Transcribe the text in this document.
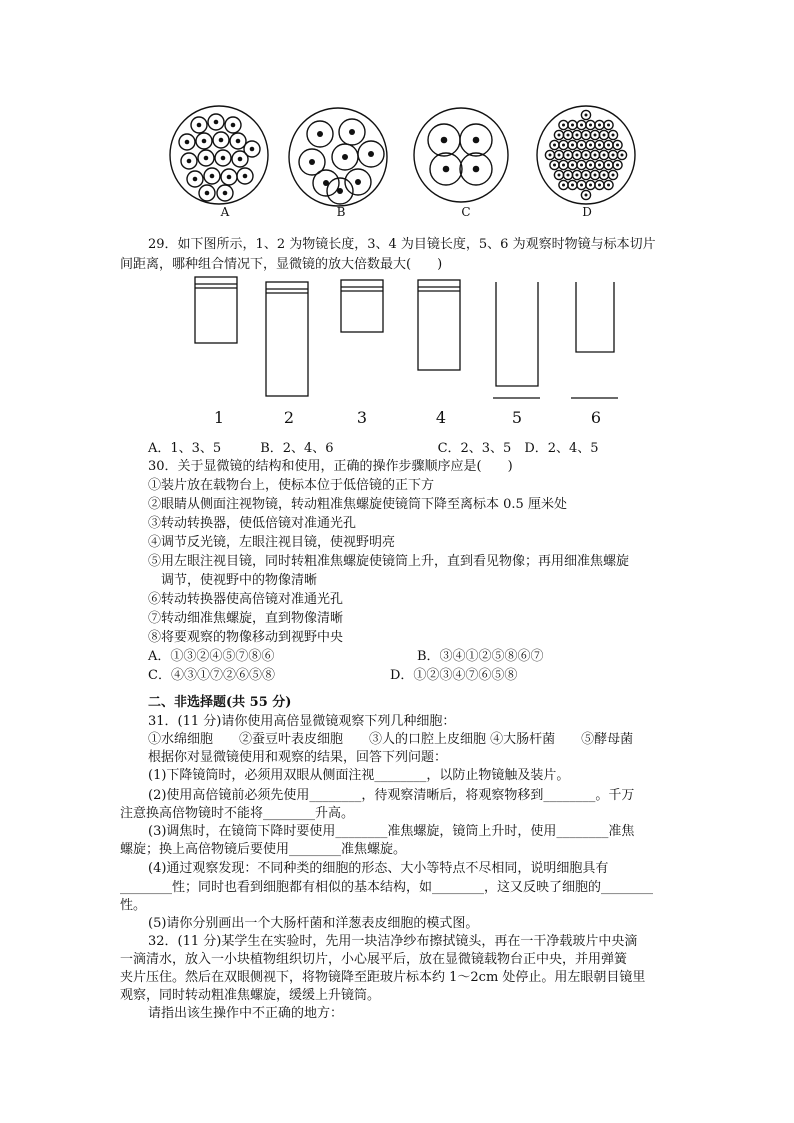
A	B	C	D
29．如下图所示，1、2 为物镜长度，3、4 为目镜长度，5、6 为观察时物镜与标本切片
间距离，哪种组合情况下，显微镜的放大倍数最大(　　)
1	2	3	4	5	6
A．1、3、5　　　B．2、4、6　　　　　　　　C．2、3、5　D．2、4、5
30．关于显微镜的结构和使用，正确的操作步骤顺序应是(　　)
①装片放在载物台上，使标本位于低倍镜的正下方
②眼睛从侧面注视物镜，转动粗准焦螺旋使镜筒下降至离标本 0.5 厘米处
③转动转换器，使低倍镜对准通光孔
④调节反光镜，左眼注视目镜，使视野明亮
⑤用左眼注视目镜，同时转粗准焦螺旋使镜筒上升，直到看见物像；再用细准焦螺旋
调节，使视野中的物像清晰
⑥转动转换器使高倍镜对准通光孔
⑦转动细准焦螺旋，直到物像清晰
⑧将要观察的物像移动到视野中央
A．①③②④⑤⑦⑧⑥	B．③④①②⑤⑧⑥⑦
C．④③①⑦②⑥⑤⑧	D．①②③④⑦⑥⑤⑧
二、非选择题(共 55 分)
31．(11 分)请你使用高倍显微镜观察下列几种细胞：
①水绵细胞　　②蚕豆叶表皮细胞　　③人的口腔上皮细胞 ④大肠杆菌　　⑤酵母菌
根据你对显微镜使用和观察的结果，回答下列问题：
(1)下降镜筒时，必须用双眼从侧面注视________，以防止物镜触及装片。
(2)使用高倍镜前必须先使用________，待观察清晰后，将观察物移到________。千万
注意换高倍物镜时不能将________升高。
(3)调焦时，在镜筒下降时要使用________准焦螺旋，镜筒上升时，使用________准焦
螺旋；换上高倍物镜后要使用________准焦螺旋。
(4)通过观察发现：不同种类的细胞的形态、大小等特点不尽相同，说明细胞具有
________性；同时也看到细胞都有相似的基本结构，如________，这又反映了细胞的________
性。
(5)请你分别画出一个大肠杆菌和洋葱表皮细胞的模式图。
32．(11 分)某学生在实验时，先用一块洁净纱布擦拭镜头，再在一干净载玻片中央滴
一滴清水，放入一小块植物组织切片，小心展平后，放在显微镜载物台正中央，并用弹簧
夹片压住。然后在双眼侧视下，将物镜降至距玻片标本约 1～2cm 处停止。用左眼朝目镜里
观察，同时转动粗准焦螺旋，缓缓上升镜筒。
请指出该生操作中不正确的地方：
